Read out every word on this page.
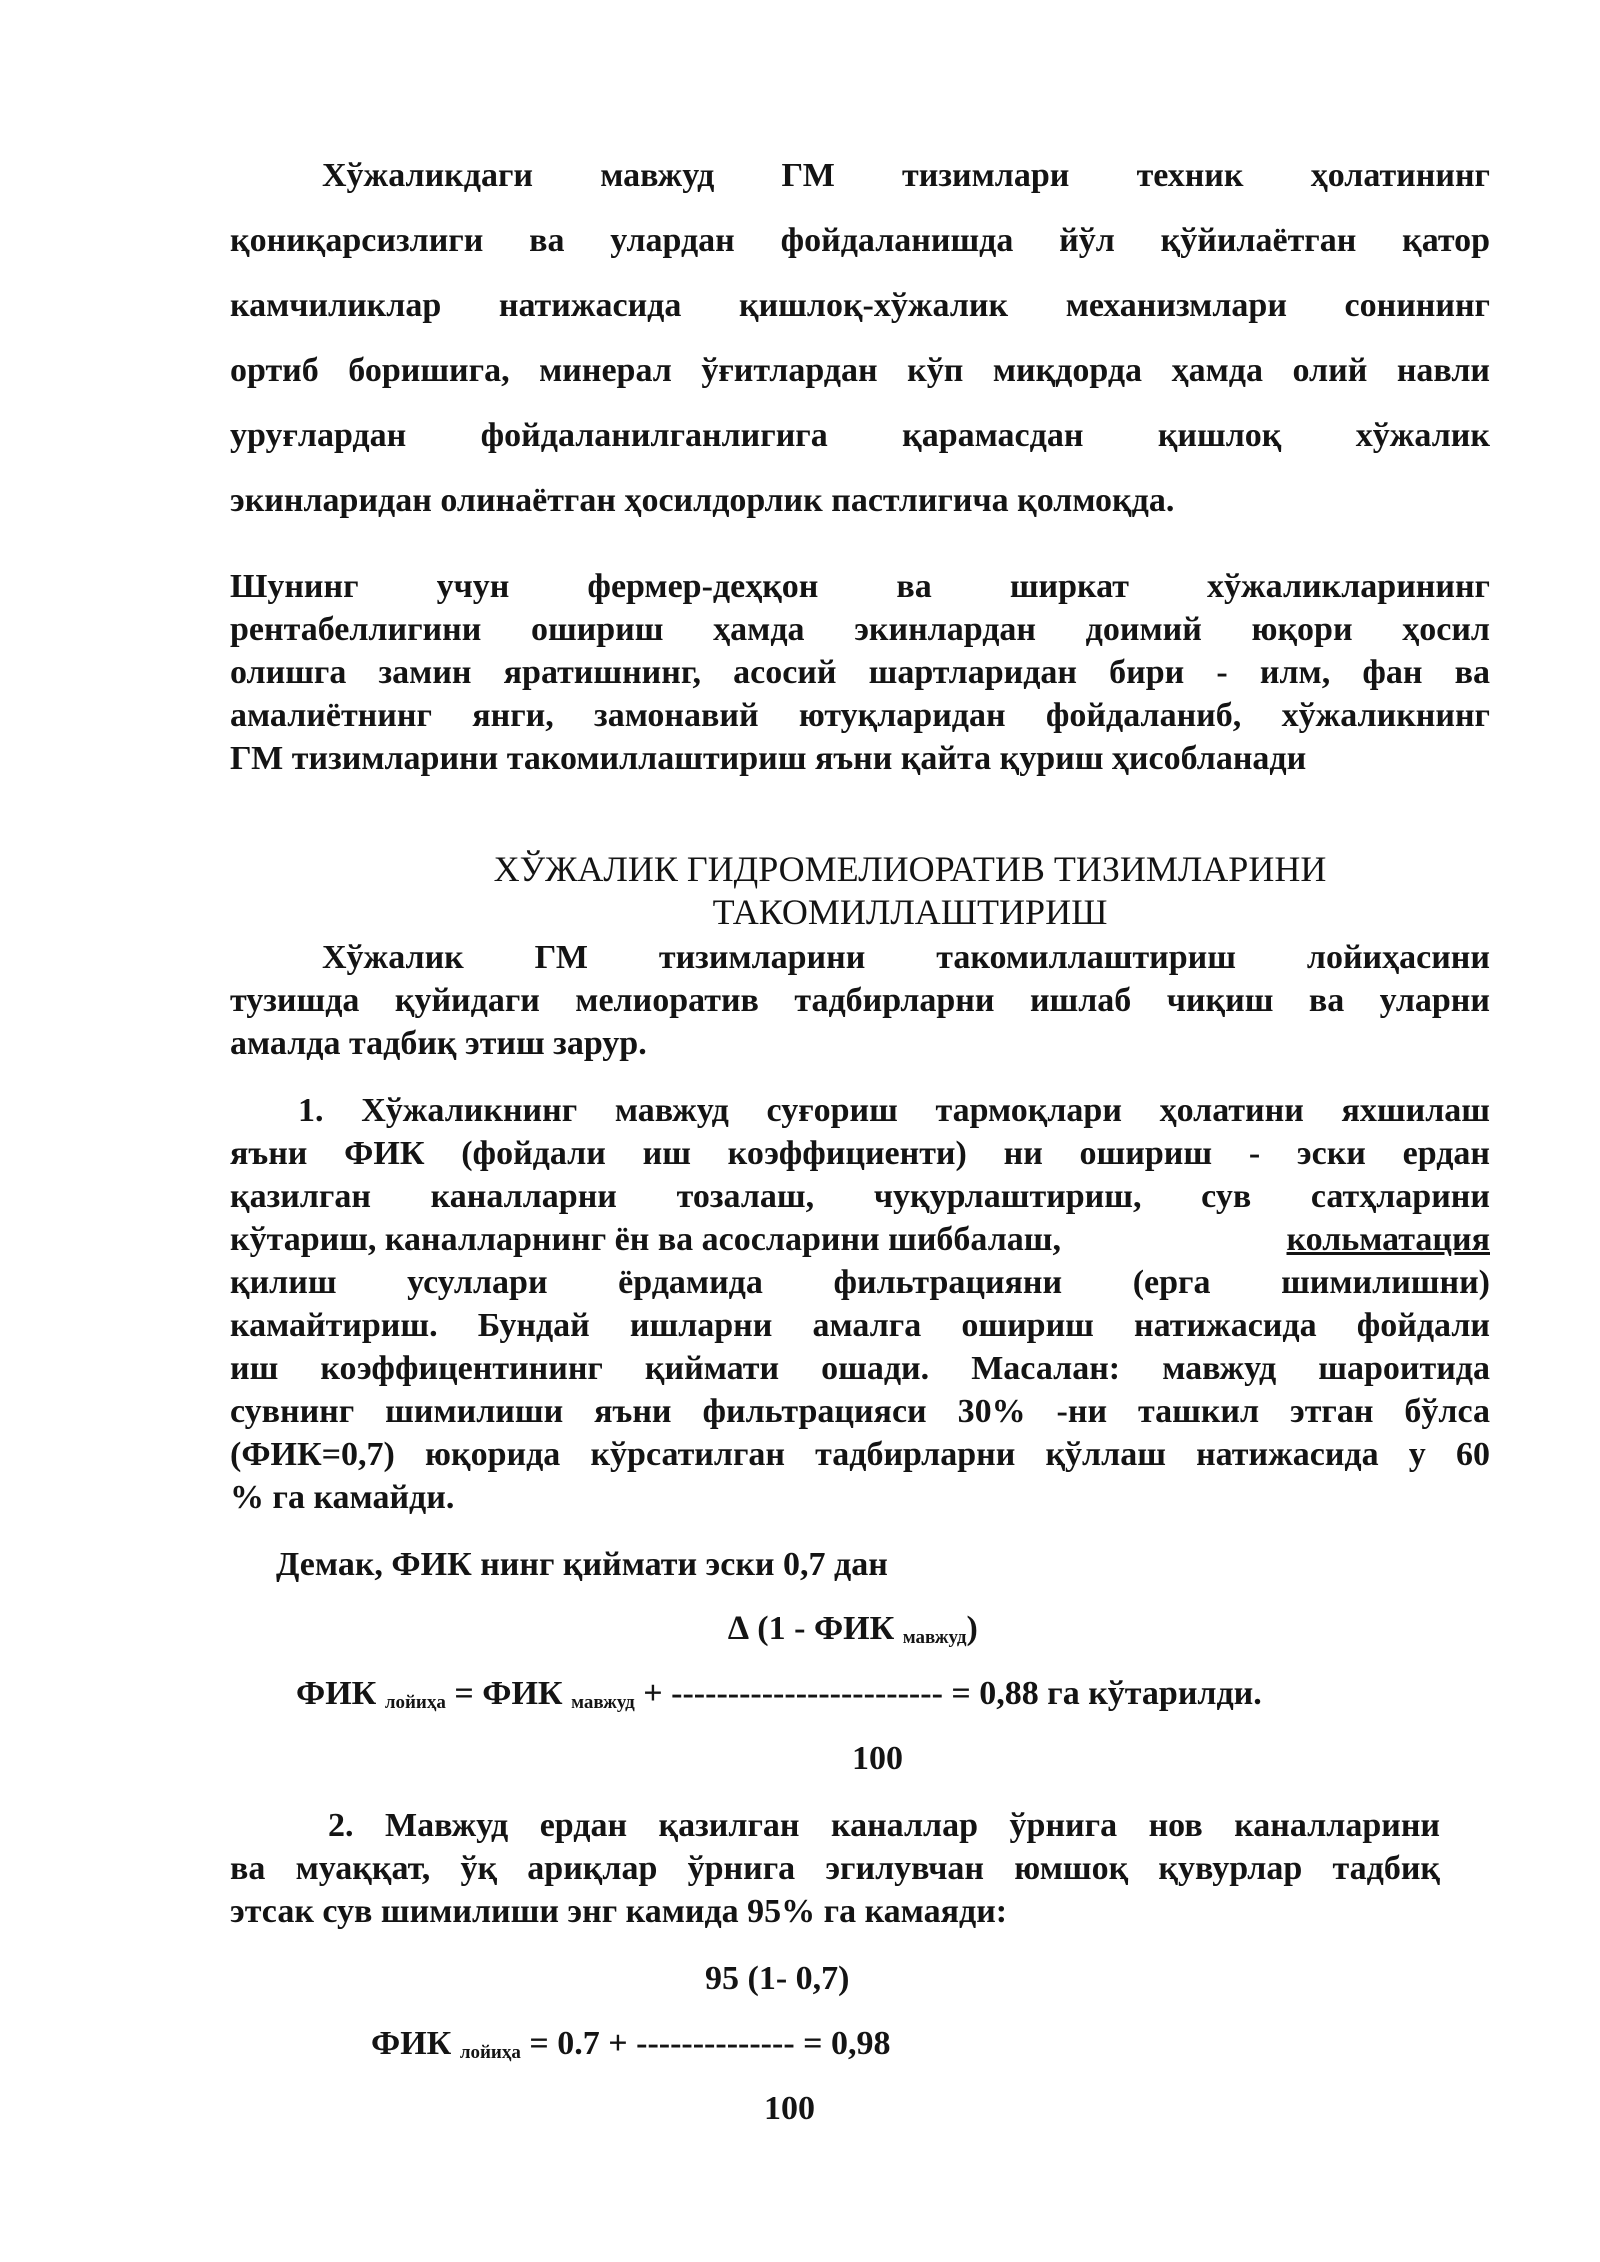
Хўжаликдаги мавжуд ГМ тизимлари техник ҳолатининг
қониқарсизлиги ва улардан фойдаланишда йўл қўйилаётган қатор
камчиликлар натижасида қишлоқ-хўжалик механизмлари сонининг
ортиб боришига, минерал ўғитлардан кўп миқдорда ҳамда олий навли
уруғлардан фойдаланилганлигига қарамасдан қишлоқ хўжалик
экинларидан олинаётган ҳосилдорлик пастлигича қолмоқда.
Шунинг учун фермер-деҳқон ва ширкат хўжаликларининг
рентабеллигини ошириш ҳамда экинлардан доимий юқори ҳосил
олишга замин яратишнинг, асосий шартларидан бири - илм, фан ва
амалиётнинг янги, замонавий ютуқларидан фойдаланиб, хўжаликнинг
ГМ тизимларини такомиллаштириш яъни қайта қуриш ҳисобланади
ХЎЖАЛИК ГИДРОМЕЛИОРАТИВ ТИЗИМЛАРИНИ
ТАКОМИЛЛАШТИРИШ
Хўжалик ГМ тизимларини такомиллаштириш лойиҳасини
тузишда қуйидаги мелиоратив тадбирларни ишлаб чиқиш ва уларни
амалда тадбиқ этиш зарур.
1. Хўжаликнинг мавжуд суғориш тармоқлари ҳолатини яхшилаш
яъни ФИК (фойдали иш коэффициенти) ни ошириш - эски ердан
қазилган каналларни тозалаш, чуқурлаштириш, сув сатҳларини
кўтариш, каналларнинг ён ва асосларини шиббалаш,	кольматация
қилиш усуллари ёрдамида фильтрацияни (ерга шимилишни)
камайтириш. Бундай ишларни амалга ошириш натижасида фойдали
иш коэффицентининг қиймати ошади. Масалан: мавжуд шароитида
сувнинг шимилиши яъни фильтрацияси 30% -ни ташкил этган бўлса
(ФИК=0,7) юқорида кўрсатилган тадбирларни қўллаш натижасида у 60
% га камайди.
Демак, ФИК нинг қиймати эски 0,7 дан
∆ (1 - ФИК $_{мавжуд}$)
ФИК $_{лойиҳа}$ = ФИК $_{мавжуд}$ + ------------------------ = 0,88 га кўтарилди.
100
2. Мавжуд ердан қазилган каналлар ўрнига нов каналларини
ва муаққат, ўқ ариқлар ўрнига эгилувчан юмшоқ қувурлар тадбиқ
этсак сув шимилиши энг камида 95% га камаяди:
95 (1- 0,7)
ФИК $_{лойиҳа}$ = 0.7 + -------------- = 0,98
100
